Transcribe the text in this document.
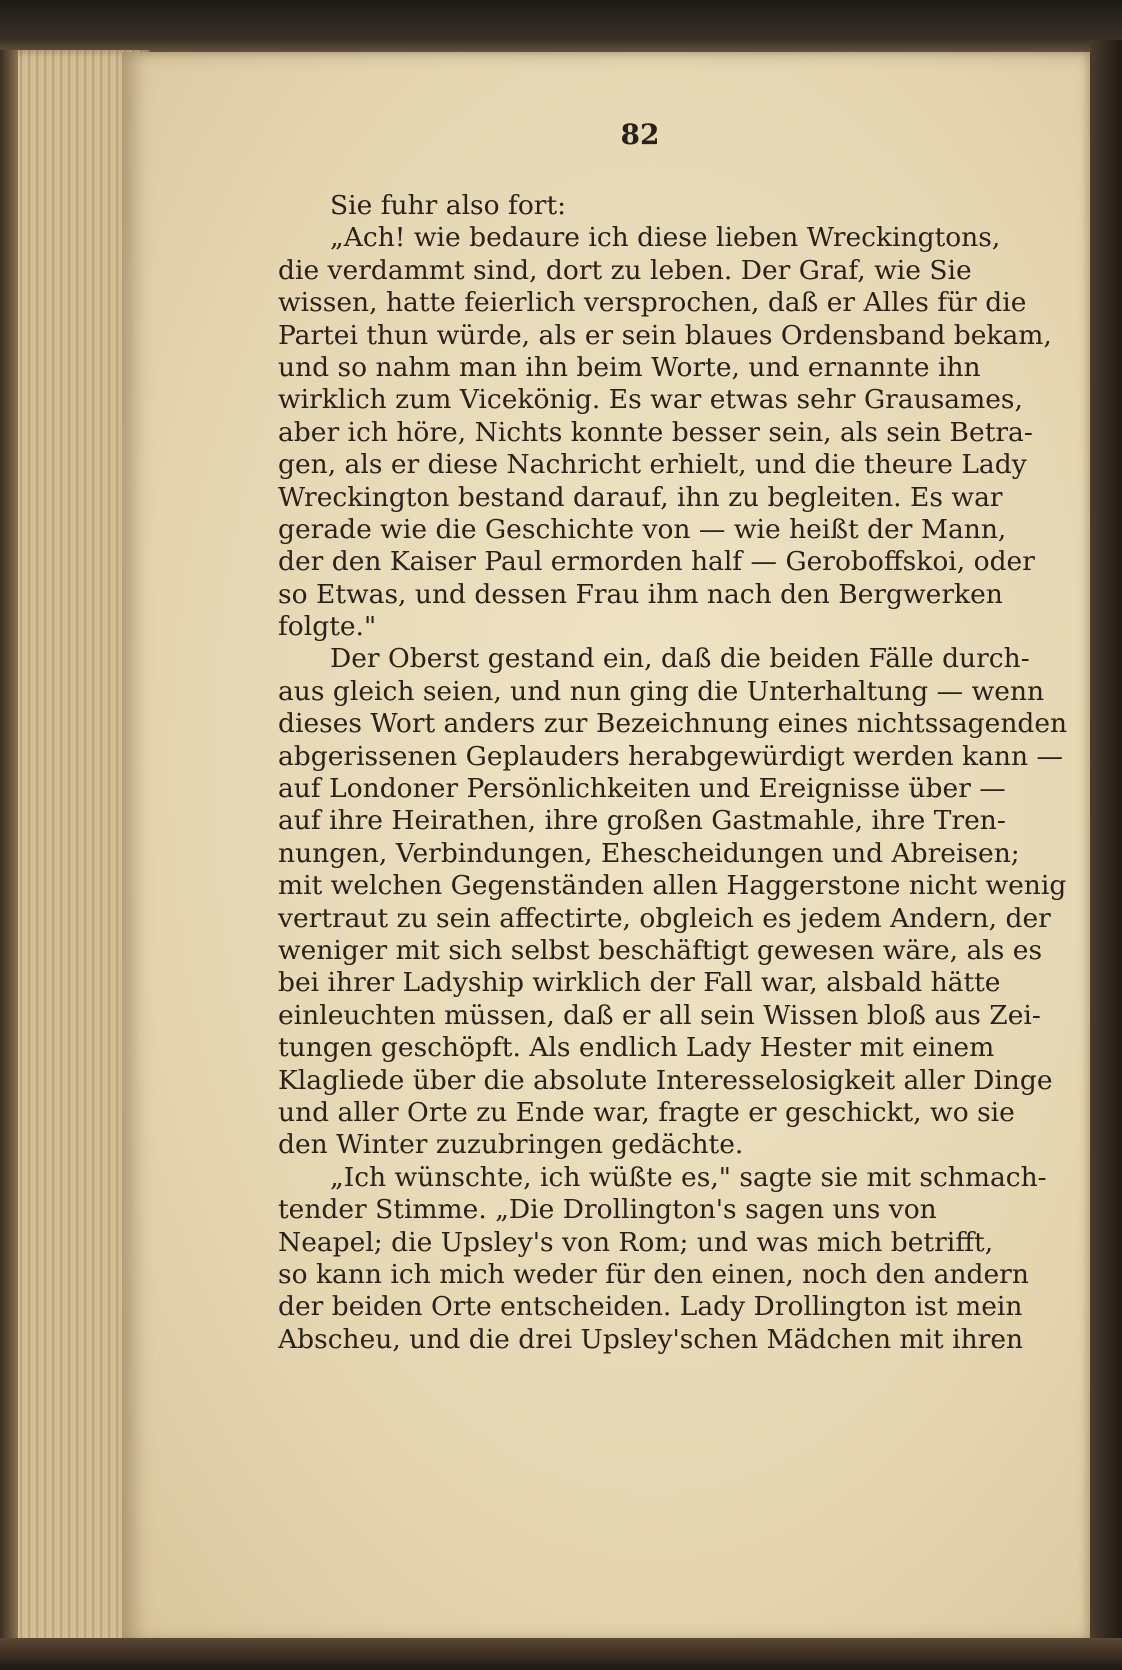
82
Sie fuhr also fort:
„Ach! wie bedaure ich diese lieben Wreckingtons,
die verdammt sind, dort zu leben. Der Graf, wie Sie
wissen, hatte feierlich versprochen, daß er Alles für die
Partei thun würde, als er sein blaues Ordensband bekam,
und so nahm man ihn beim Worte, und ernannte ihn
wirklich zum Vicekönig. Es war etwas sehr Grausames,
aber ich höre, Nichts konnte besser sein, als sein Betra-
gen, als er diese Nachricht erhielt, und die theure Lady
Wreckington bestand darauf, ihn zu begleiten. Es war
gerade wie die Geschichte von — wie heißt der Mann,
der den Kaiser Paul ermorden half — Geroboffskoi, oder
so Etwas, und dessen Frau ihm nach den Bergwerken
folgte."
Der Oberst gestand ein, daß die beiden Fälle durch-
aus gleich seien, und nun ging die Unterhaltung — wenn
dieses Wort anders zur Bezeichnung eines nichtssagenden
abgerissenen Geplauders herabgewürdigt werden kann —
auf Londoner Persönlichkeiten und Ereignisse über —
auf ihre Heirathen, ihre großen Gastmahle, ihre Tren-
nungen, Verbindungen, Ehescheidungen und Abreisen;
mit welchen Gegenständen allen Haggerstone nicht wenig
vertraut zu sein affectirte, obgleich es jedem Andern, der
weniger mit sich selbst beschäftigt gewesen wäre, als es
bei ihrer Ladyship wirklich der Fall war, alsbald hätte
einleuchten müssen, daß er all sein Wissen bloß aus Zei-
tungen geschöpft. Als endlich Lady Hester mit einem
Klagliede über die absolute Interesselosigkeit aller Dinge
und aller Orte zu Ende war, fragte er geschickt, wo sie
den Winter zuzubringen gedächte.
„Ich wünschte, ich wüßte es," sagte sie mit schmach-
tender Stimme. „Die Drollington's sagen uns von
Neapel; die Upsley's von Rom; und was mich betrifft,
so kann ich mich weder für den einen, noch den andern
der beiden Orte entscheiden. Lady Drollington ist mein
Abscheu, und die drei Upsley'schen Mädchen mit ihren
